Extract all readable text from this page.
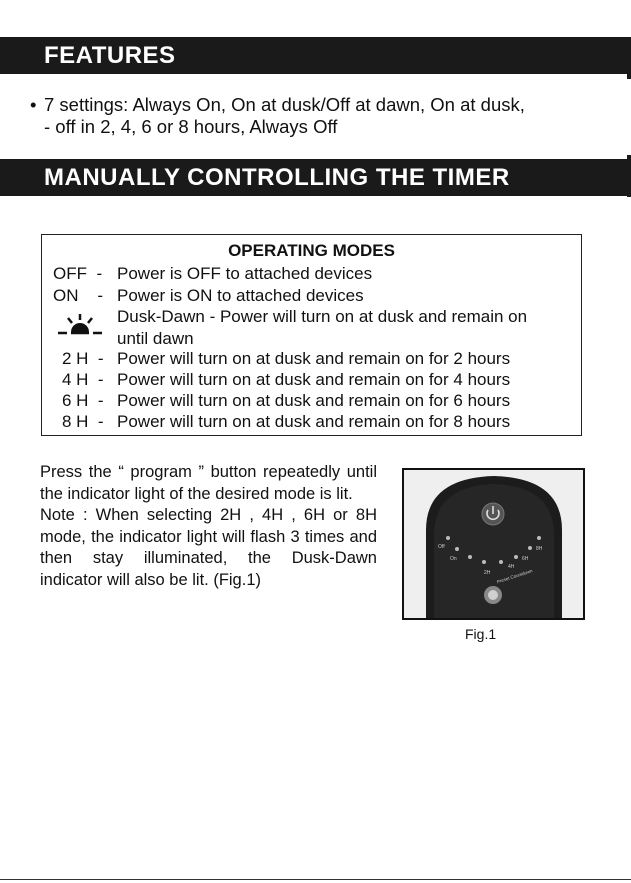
FEATURES
• 7 settings: Always On, On at dusk/Off at dawn, On at dusk,
- off in 2, 4, 6 or 8 hours, Always Off
MANUALLY CONTROLLING THE TIMER
OPERATING MODES
OFF  - Power is OFF to attached devices
ON    - Power is ON to attached devices
Dusk-Dawn - Power will turn on at dusk and remain on
until dawn
2 H  - Power will turn on at dusk and remain on for 2 hours
4 H  - Power will turn on at dusk and remain on for 4 hours
6 H  - Power will turn on at dusk and remain on for 6 hours
8 H  - Power will turn on at dusk and remain on for 8 hours

Press the “ program ” button repeatedly until the indicator light of the desired mode is lit.

Note : When selecting 2H , 4H , 6H or 8H mode, the indicator light will flash 3 times and then stay illuminated, the Dusk-Dawn indicator will also be lit. (Fig.1)

Off
On
2H
4H
6H
8H
Preset Countdown
Fig.1
